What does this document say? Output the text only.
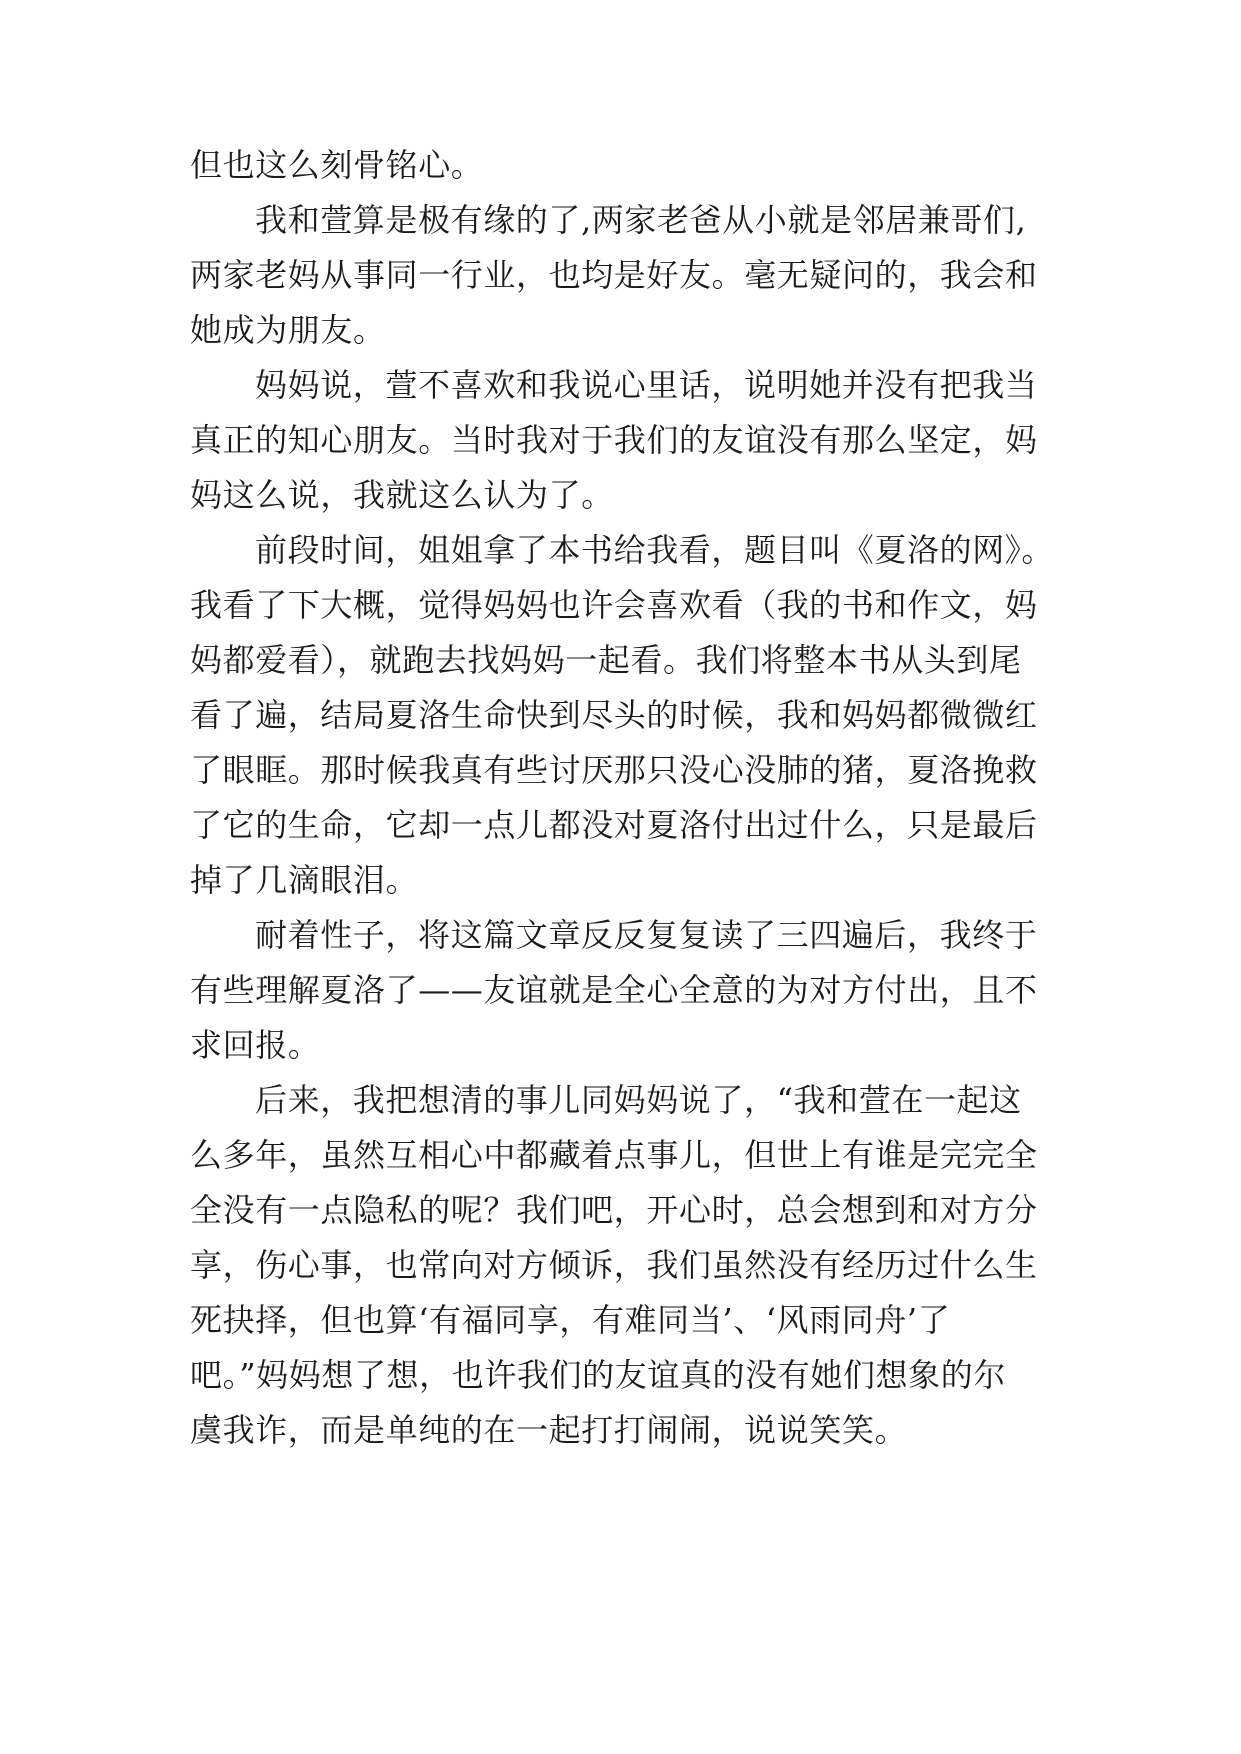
但也这么刻骨铭心。
我和萱算是极有缘的了,两家老爸从小就是邻居兼哥们,
两家老妈从事同一行业，也均是好友。毫无疑问的，我会和
她成为朋友。
妈妈说，萱不喜欢和我说心里话，说明她并没有把我当
真正的知心朋友。当时我对于我们的友谊没有那么坚定，妈
妈这么说，我就这么认为了。
前段时间，姐姐拿了本书给我看，题目叫《夏洛的网》。
我看了下大概，觉得妈妈也许会喜欢看（我的书和作文，妈
妈都爱看），就跑去找妈妈一起看。我们将整本书从头到尾
看了遍，结局夏洛生命快到尽头的时候，我和妈妈都微微红
了眼眶。那时候我真有些讨厌那只没心没肺的猪，夏洛挽救
了它的生命，它却一点儿都没对夏洛付出过什么，只是最后
掉了几滴眼泪。
耐着性子，将这篇文章反反复复读了三四遍后，我终于
有些理解夏洛了——友谊就是全心全意的为对方付出，且不
求回报。
后来，我把想清的事儿同妈妈说了，“我和萱在一起这
么多年，虽然互相心中都藏着点事儿，但世上有谁是完完全
全没有一点隐私的呢？我们吧，开心时，总会想到和对方分
享，伤心事，也常向对方倾诉，我们虽然没有经历过什么生
死抉择，但也算‘有福同享，有难同当’、‘风雨同舟’了
吧。”妈妈想了想，也许我们的友谊真的没有她们想象的尔
虞我诈，而是单纯的在一起打打闹闹，说说笑笑。
